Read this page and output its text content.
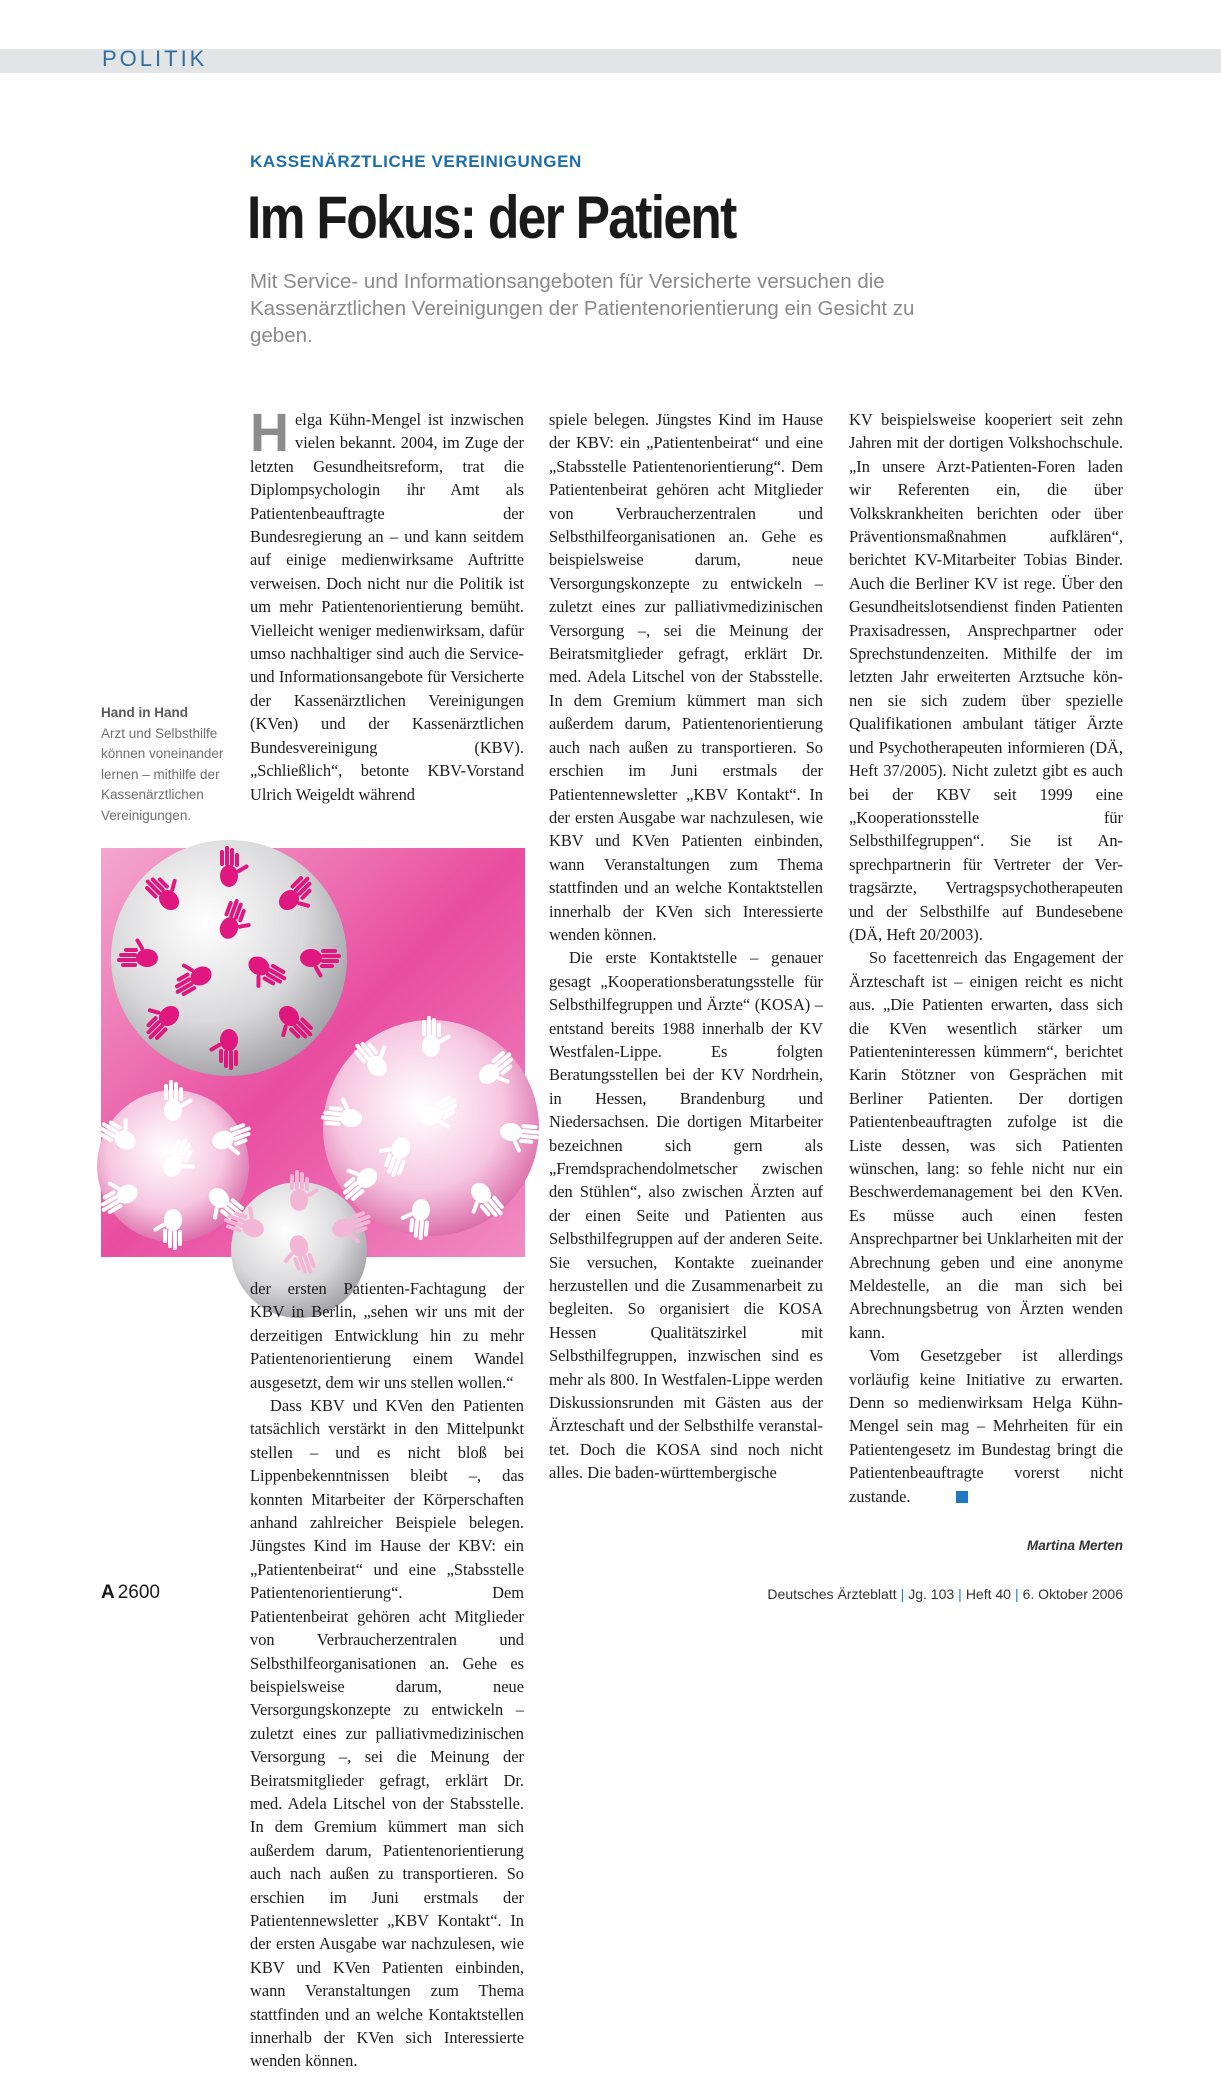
POLITIK
KASSENÄRZTLICHE VEREINIGUNGEN
Im Fokus: der Patient
Mit Service- und Informationsangeboten für Versicherte versuchen die Kassenärztlichen Vereinigungen der Patientenorientierung ein Gesicht zu geben.
Hand in Hand
Arzt und Selbsthilfe können voneinander lernen – mithilfe der Kassenärztlichen Vereinigungen.

Helga Kühn-Mengel ist inzwischen vielen bekannt. 2004, im Zuge der letzten Gesundheitsreform, trat die Diplompsychologin ihr Amt als Patientenbeauftragte der Bundesregierung an – und kann seitdem auf einige medienwirksame Auftritte verweisen. Doch nicht nur die Politik ist um mehr Patientenorientierung bemüht. Vielleicht weniger medienwirksam, dafür umso nachhaltiger sind auch die Service- und Informationsangebote für Versicherte der Kassenärztlichen Vereinigungen (KVen) und der Kassenärztlichen Bundesvereinigung (KBV). „Schließlich“, betonte KBV-Vorstand Ulrich Weigeldt während

der ersten Patienten-Fachtagung der KBV in Berlin, „sehen wir uns mit der derzeitigen Entwicklung hin zu mehr Patientenorientierung einem Wandel ausgesetzt, dem wir uns stellen wollen.“

Dass KBV und KVen den Patienten tatsächlich verstärkt in den Mittelpunkt stellen – und es nicht bloß bei Lippenbekenntnissen bleibt –, das konnten Mitarbeiter der Körperschaften anhand zahlreicher Beispiele belegen. Jüngstes Kind im Hause der KBV: ein „Patientenbeirat“ und eine „Stabsstelle Patientenorientierung“. Dem Patientenbeirat gehören acht Mitglieder von Verbraucherzentralen und Selbsthilfeorganisationen an. Gehe es beispielsweise darum, neue Versorgungskonzepte zu entwickeln – zuletzt eines zur palliativmedizinischen Versorgung –, sei die Meinung der Beiratsmitglieder gefragt, erklärt Dr. med. Adela Litschel von der Stabsstelle. In dem Gremium kümmert man sich außerdem darum, Patientenorientierung auch nach außen zu transportieren. So erschien im Juni erstmals der Patientennewsletter „KBV Kontakt“. In der ersten Ausgabe war nachzulesen, wie KBV und KVen Patienten einbinden, wann Veranstaltungen zum Thema stattfinden und an welche Kontaktstellen innerhalb der KVen sich Interessierte wenden können.

spiele belegen. Jüngstes Kind im Hause der KBV: ein „Patientenbeirat“ und eine „Stabsstelle Patientenorientierung“. Dem Patientenbeirat gehören acht Mitglieder von Verbraucherzentralen und Selbsthilfeorganisationen an. Gehe es beispielsweise darum, neue Versorgungskonzepte zu entwickeln – zuletzt eines zur palliativmedizinischen Versorgung –, sei die Meinung der Beiratsmitglieder gefragt, erklärt Dr. med. Adela Litschel von der Stabsstelle. In dem Gremium kümmert man sich außerdem darum, Patientenorientierung auch nach außen zu transportieren. So erschien im Juni erstmals der Patientennewsletter „KBV Kontakt“. In der ersten Ausgabe war nachzulesen, wie KBV und KVen Patienten einbinden, wann Veranstaltungen zum Thema stattfinden und an welche Kontaktstellen innerhalb der KVen sich Interessierte wenden können.

Die erste Kontaktstelle – genauer gesagt „Kooperationsberatungsstelle für Selbsthilfegruppen und Ärzte“ (KOSA) – entstand bereits 1988 innerhalb der KV Westfalen-Lippe. Es folgten Beratungsstellen bei der KV Nordrhein, in Hessen, Brandenburg und Niedersachsen. Die dortigen Mitarbeiter bezeichnen sich gern als „Fremdsprachendolmetscher zwischen den Stühlen“, also zwischen Ärzten auf der einen Seite und Patienten aus Selbsthilfegruppen auf der anderen Seite. Sie versuchen, Kontakte zueinander herzustellen und die Zusammenarbeit zu begleiten. So organisiert die KOSA Hessen Qualitätszirkel mit Selbsthilfegruppen, inzwischen sind es mehr als 800. In Westfalen-Lippe werden Diskussionsrunden mit Gästen aus der Ärzteschaft und der Selbsthilfe veranstaltet. Doch die KOSA sind noch nicht alles. Die baden-württembergische

KV beispielsweise kooperiert seit zehn Jahren mit der dortigen Volkshochschule. „In unsere Arzt-Patienten-Foren laden wir Referenten ein, die über Volkskrankheiten berichten oder über Präventionsmaßnahmen aufklären“, berichtet KV-Mitarbeiter Tobias Binder. Auch die Berliner KV ist rege. Über den Gesundheitslotsendienst finden Patienten Praxisadressen, Ansprechpartner oder Sprechstundenzeiten. Mithilfe der im letzten Jahr erweiterten Arztsuche können sie sich zudem über spezielle Qualifikationen ambulant tätiger Ärzte und Psychotherapeuten informieren (DÄ, Heft 37/2005). Nicht zuletzt gibt es auch bei der KBV seit 1999 eine „Kooperationsstelle für Selbsthilfegruppen“. Sie ist Ansprechpartnerin für Vertreter der Vertragsärzte, Vertragspsychotherapeuten und der Selbsthilfe auf Bundesebene (DÄ, Heft 20/2003).

So facettenreich das Engagement der Ärzteschaft ist – einigen reicht es nicht aus. „Die Patienten erwarten, dass sich die KVen wesentlich stärker um Patienteninteressen kümmern“, berichtet Karin Stötzner von Gesprächen mit Berliner Patienten. Der dortigen Patientenbeauftragten zufolge ist die Liste dessen, was sich Patienten wünschen, lang: so fehle nicht nur ein Beschwerdemanagement bei den KVen. Es müsse auch einen festen Ansprechpartner bei Unklarheiten mit der Abrechnung geben und eine anonyme Meldestelle, an die man sich bei Abrechnungsbetrug von Ärzten wenden kann.

Vom Gesetzgeber ist allerdings vorläufig keine Initiative zu erwarten. Denn so medienwirksam Helga Kühn-Mengel sein mag – Mehrheiten für ein Patientengesetz im Bundestag bringt die Patientenbeauftragte vorerst nicht zustande.

Martina Merten
A 2600	Deutsches Ärzteblatt | Jg. 103 | Heft 40 | 6. Oktober 2006
